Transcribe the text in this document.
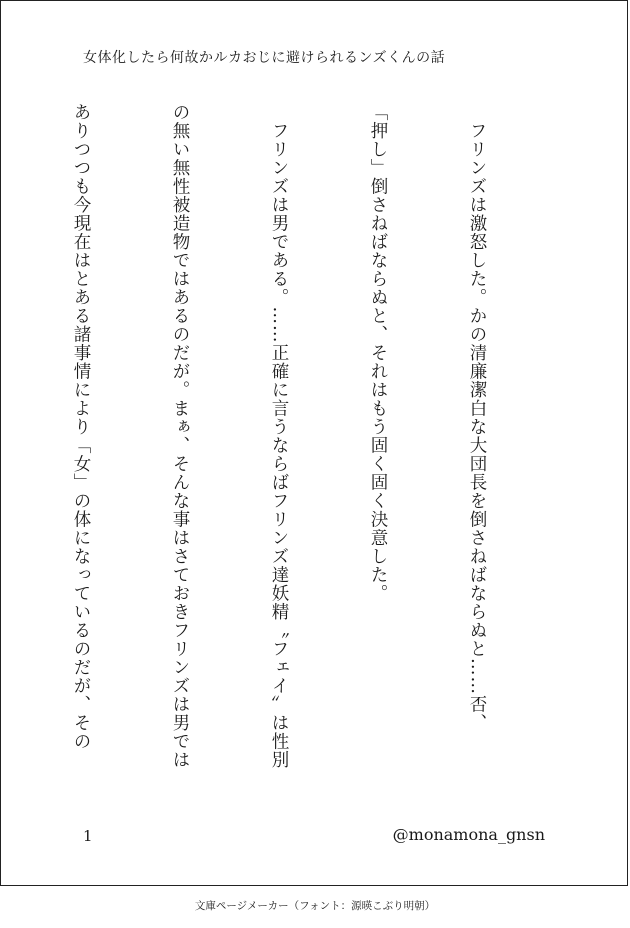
女体化したら何故かルカおじに避けられるンズくんの話

　フリンズは激怒した。かの清廉潔白な大団長を倒さねばならぬと……否、

「押し」倒さねばならぬと、それはもう固く固く決意した。

　フリンズは男である。……正確に言うならばフリンズ達妖精〝フェイ〟は性別

の無い無性被造物ではあるのだが。まぁ、そんな事はさておきフリンズは男では

ありつつも今現在はとある諸事情により「女」の体になっているのだが、その

1	@monamona_gnsn
文庫ページメーカー（フォント：源暎こぶり明朝）
